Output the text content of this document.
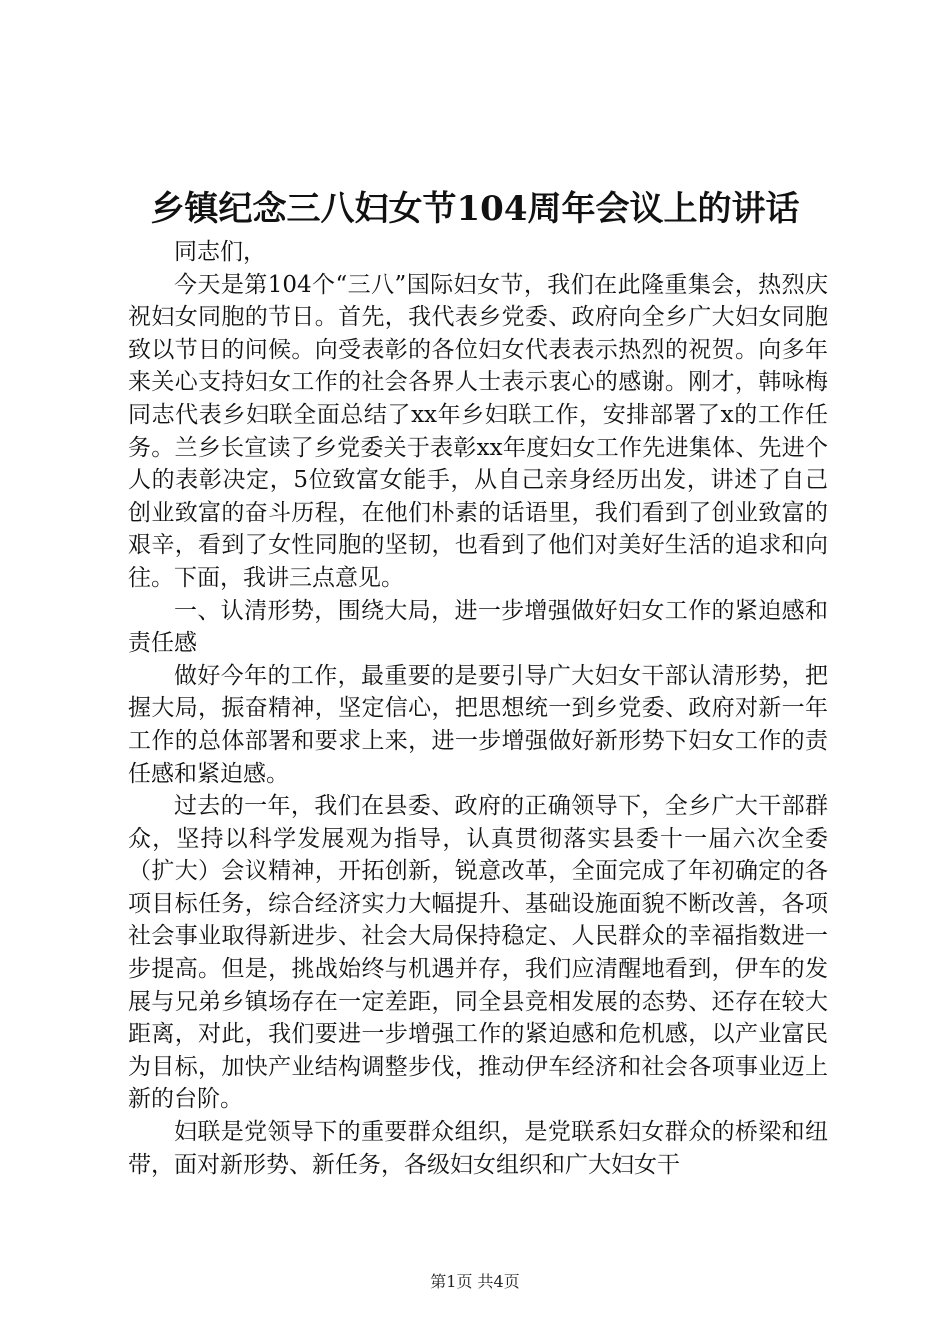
乡镇纪念三八妇女节104周年会议上的讲话

同志们，

今天是第104个“三八”国际妇女节，我们在此隆重集会，热烈庆祝妇女同胞的节日。首先，我代表乡党委、政府向全乡广大妇女同胞致以节日的问候。向受表彰的各位妇女代表表示热烈的祝贺。向多年来关心支持妇女工作的社会各界人士表示衷心的感谢。刚才，韩咏梅同志代表乡妇联全面总结了xx年乡妇联工作，安排部署了x的工作任务。兰乡长宣读了乡党委关于表彰xx年度妇女工作先进集体、先进个人的表彰决定，5位致富女能手，从自己亲身经历出发，讲述了自己创业致富的奋斗历程，在他们朴素的话语里，我们看到了创业致富的艰辛，看到了女性同胞的坚韧，也看到了他们对美好生活的追求和向往。下面，我讲三点意见。

一、认清形势，围绕大局，进一步增强做好妇女工作的紧迫感和责任感

做好今年的工作，最重要的是要引导广大妇女干部认清形势，把握大局，振奋精神，坚定信心，把思想统一到乡党委、政府对新一年工作的总体部署和要求上来，进一步增强做好新形势下妇女工作的责任感和紧迫感。

过去的一年，我们在县委、政府的正确领导下，全乡广大干部群众，坚持以科学发展观为指导，认真贯彻落实县委十一届六次全委（扩大）会议精神，开拓创新，锐意改革，全面完成了年初确定的各项目标任务，综合经济实力大幅提升、基础设施面貌不断改善，各项社会事业取得新进步、社会大局保持稳定、人民群众的幸福指数进一步提高。但是，挑战始终与机遇并存，我们应清醒地看到，伊车的发展与兄弟乡镇场存在一定差距，同全县竞相发展的态势、还存在较大距离，对此，我们要进一步增强工作的紧迫感和危机感，以产业富民为目标，加快产业结构调整步伐，推动伊车经济和社会各项事业迈上新的台阶。

妇联是党领导下的重要群众组织，是党联系妇女群众的桥梁和纽带，面对新形势、新任务，各级妇女组织和广大妇女干

第1页 共4页
